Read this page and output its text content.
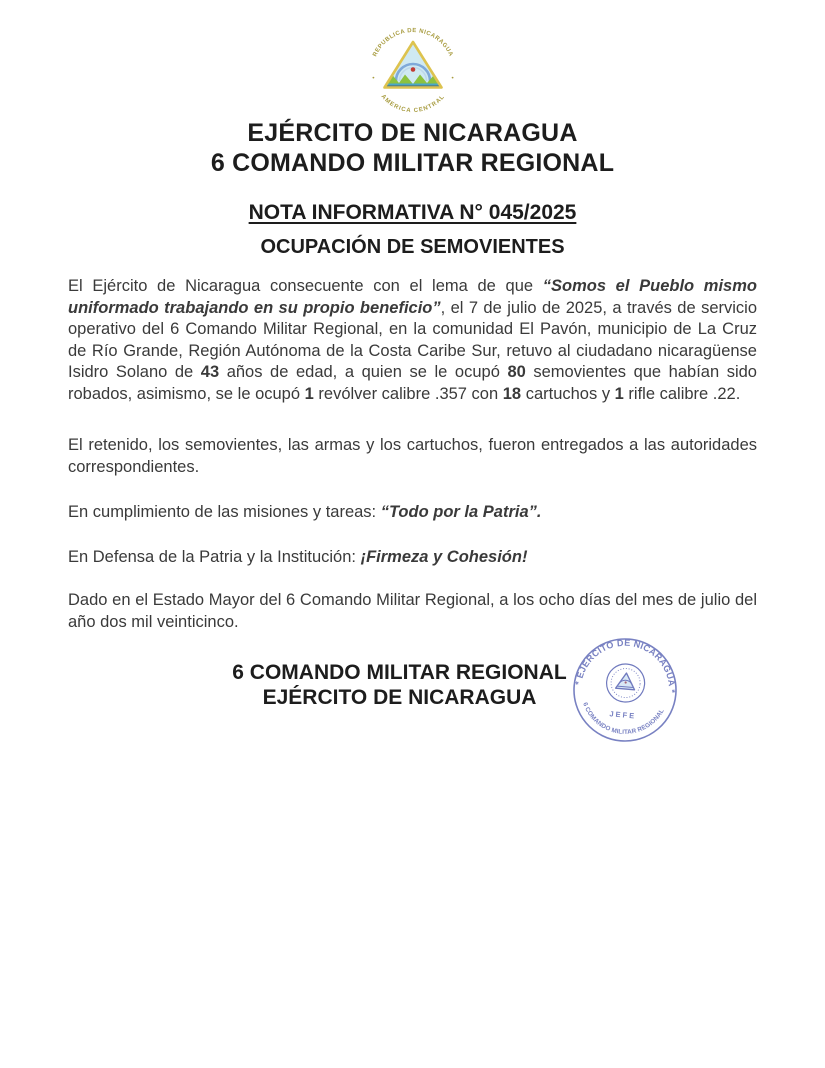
REPUBLICA DE NICARAGUA
AMERICA CENTRAL
EJÉRCITO DE NICARAGUA
6 COMANDO MILITAR REGIONAL
NOTA INFORMATIVA N° 045/2025
OCUPACIÓN DE SEMOVIENTES

El Ejército de Nicaragua consecuente con el lema de que “Somos el Pueblo mismo uniformado trabajando en su propio beneficio”, el 7 de julio de 2025, a través de servicio operativo del 6 Comando Militar Regional, en la comunidad El Pavón, municipio de La Cruz de Río Grande, Región Autónoma de la Costa Caribe Sur, retuvo al ciudadano nicaragüense Isidro Solano de 43 años de edad, a quien se le ocupó 80 semovientes que habían sido robados, asimismo, se le ocupó 1 revólver calibre .357 con 18 cartuchos y 1 rifle calibre .22.

El retenido, los semovientes, las armas y los cartuchos, fueron entregados a las autoridades correspondientes.

En cumplimiento de las misiones y tareas: “Todo por la Patria”.

En Defensa de la Patria y la Institución: ¡Firmeza y Cohesión!

Dado en el Estado Mayor del 6 Comando Militar Regional, a los ocho días del mes de julio del año dos mil veinticinco.

6 COMANDO MILITAR REGIONAL
EJÉRCITO DE NICARAGUA
* EJERCITO DE NICARAGUA *
6 COMANDO MILITAR REGIONAL
JEFE
